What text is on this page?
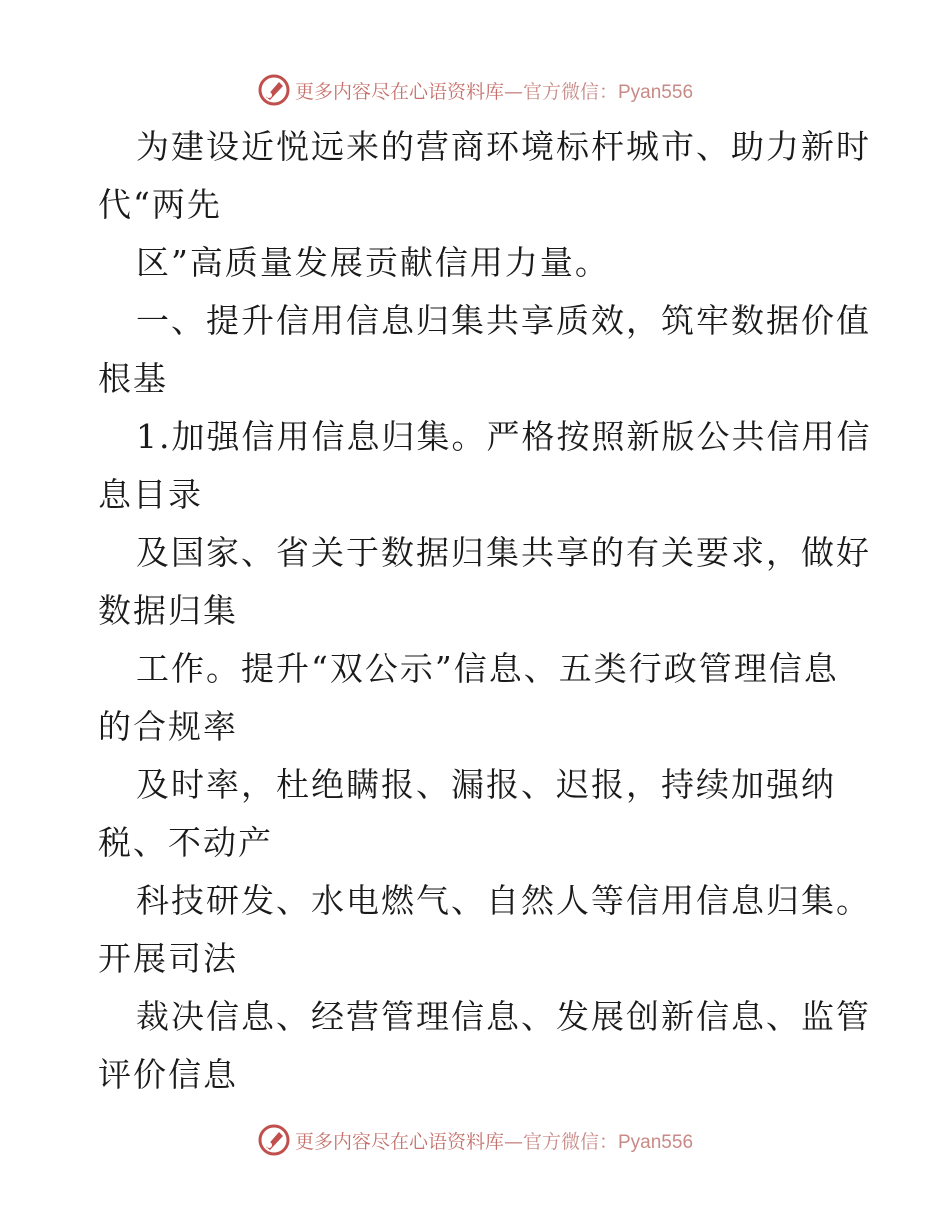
更多内容尽在心语资料库—官方微信：Pyan556
为建设近悦远来的营商环境标杆城市、助力新时
代“两先
区”高质量发展贡献信用力量。
一、提升信用信息归集共享质效，筑牢数据价值
根基
1.加强信用信息归集。严格按照新版公共信用信
息目录
及国家、省关于数据归集共享的有关要求，做好
数据归集
工作。提升“双公示”信息、五类行政管理信息
的合规率
及时率，杜绝瞒报、漏报、迟报，持续加强纳
税、不动产
科技研发、水电燃气、自然人等信用信息归集。
开展司法
裁决信息、经营管理信息、发展创新信息、监管
评价信息
更多内容尽在心语资料库—官方微信：Pyan556
